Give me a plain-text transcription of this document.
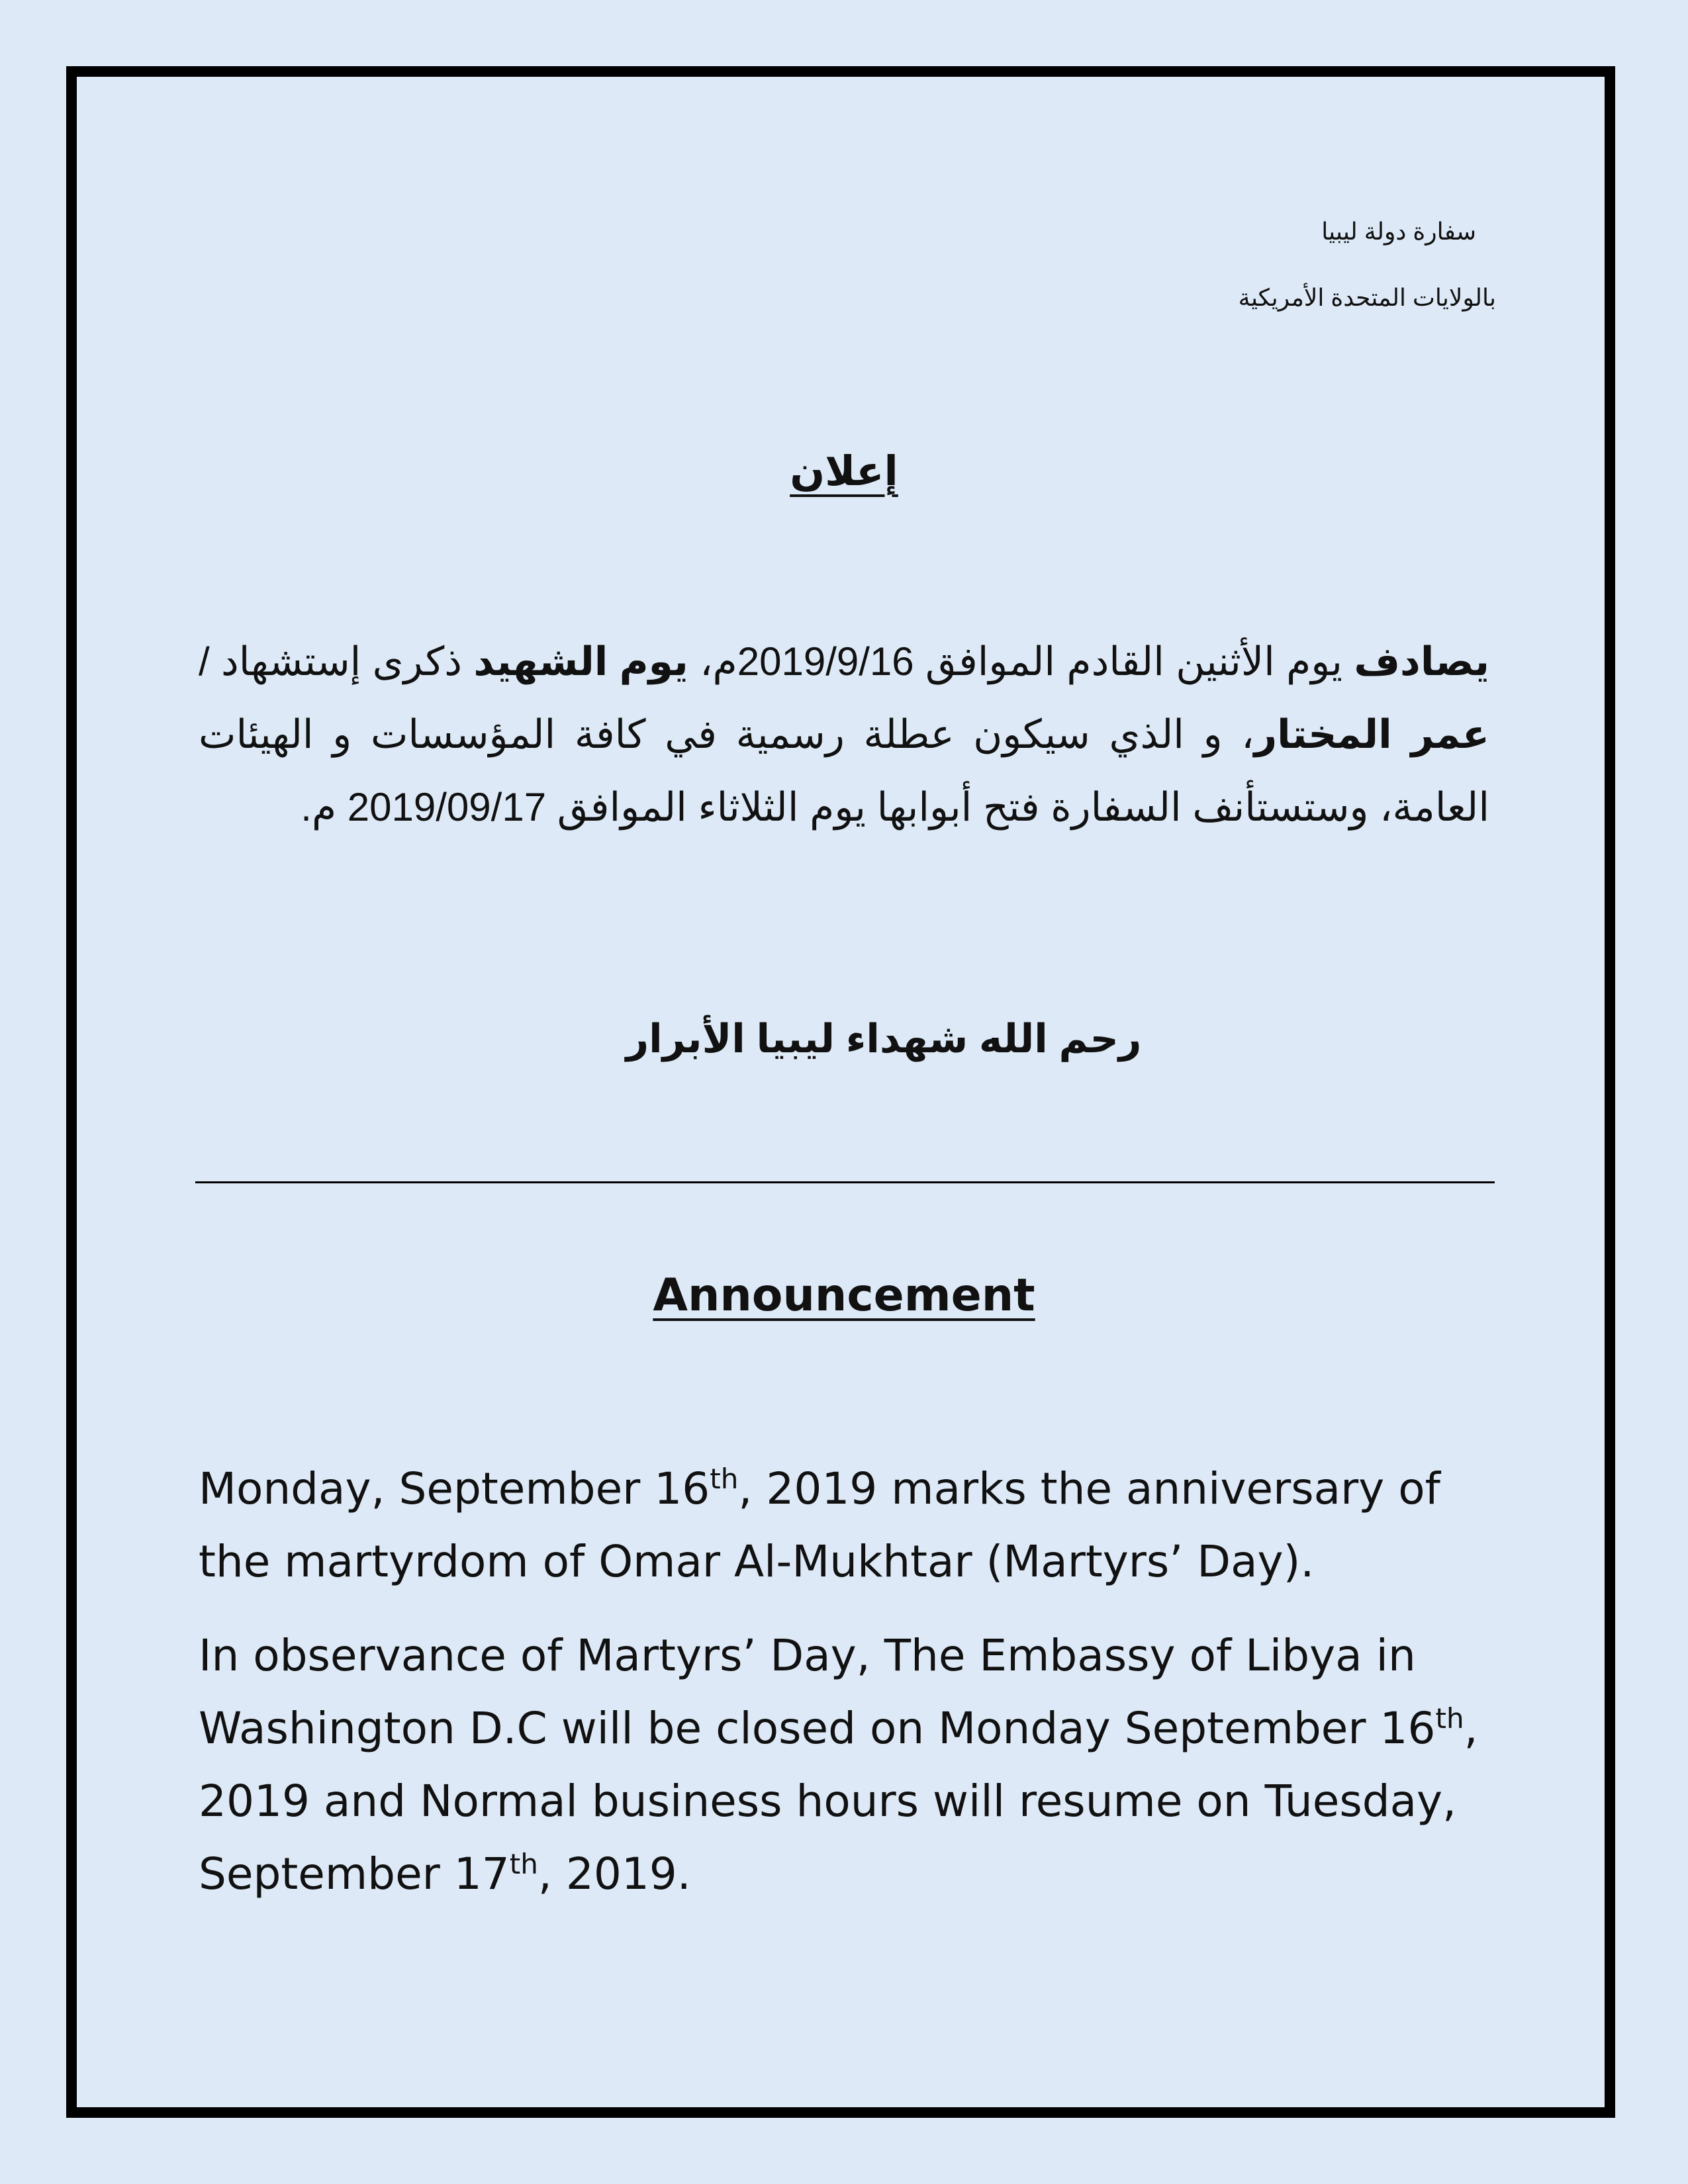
سفارة دولة ليبيا
بالولايات المتحدة الأمريكية
إعلان

يصادف يوم الأثنين القادم الموافق 2019/9/16م، يوم الشهيد ذكرى إستشهاد / عمر المختار، و الذي سيكون عطلة رسمية في كافة المؤسسات و الهيئات العامة، وستستأنف السفارة فتح أبوابها يوم الثلاثاء الموافق 2019/09/17 م.

رحم الله شهداء ليبيا الأبرار
Announcement

Monday, September 16th, 2019 marks the anniversary of the martyrdom of Omar Al-Mukhtar (Martyrs’ Day).

In observance of Martyrs’ Day, The Embassy of Libya in Washington D.C will be closed on Monday September 16th, 2019 and Normal business hours will resume on Tuesday, September 17th, 2019.
